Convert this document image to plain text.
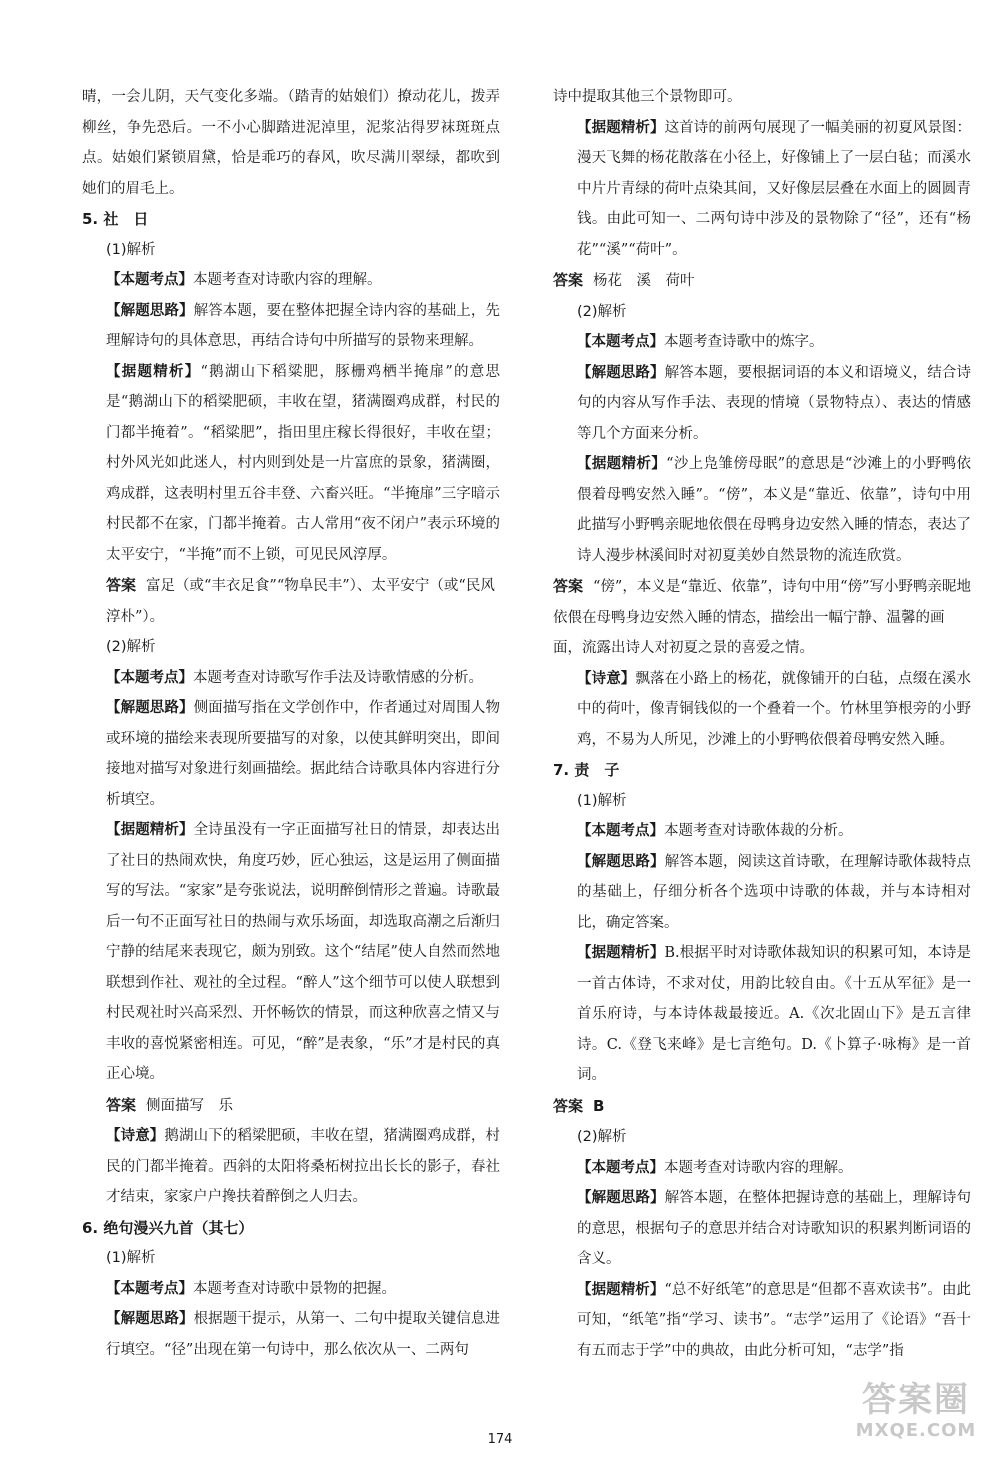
晴，一会儿阴，天气变化多端。（踏青的姑娘们）撩动花儿，拨弄柳丝，争先恐后。一不小心脚踏进泥淖里，泥浆沾得罗袜斑斑点点。姑娘们紧锁眉黛，恰是乖巧的春风，吹尽满川翠绿，都吹到她们的眉毛上。

5. 社　日

(1)解析

【本题考点】本题考查对诗歌内容的理解。

【解题思路】解答本题，要在整体把握全诗内容的基础上，先理解诗句的具体意思，再结合诗句中所描写的景物来理解。

【据题精析】“鹅湖山下稻粱肥，豚栅鸡栖半掩扉”的意思是“鹅湖山下的稻梁肥硕，丰收在望，猪满圈鸡成群，村民的门都半掩着”。“稻粱肥”，指田里庄稼长得很好，丰收在望；村外风光如此迷人，村内则到处是一片富庶的景象，猪满圈，鸡成群，这表明村里五谷丰登、六畜兴旺。“半掩扉”三字暗示村民都不在家，门都半掩着。古人常用“夜不闭户”表示环境的太平安宁，“半掩”而不上锁，可见民风淳厚。

答案 富足（或“丰衣足食”“物阜民丰”）、太平安宁（或“民风淳朴”）。

(2)解析

【本题考点】本题考查对诗歌写作手法及诗歌情感的分析。

【解题思路】侧面描写指在文学创作中，作者通过对周围人物或环境的描绘来表现所要描写的对象，以使其鲜明突出，即间接地对描写对象进行刻画描绘。据此结合诗歌具体内容进行分析填空。

【据题精析】全诗虽没有一字正面描写社日的情景，却表达出了社日的热闹欢快，角度巧妙，匠心独运，这是运用了侧面描写的写法。“家家”是夸张说法，说明醉倒情形之普遍。诗歌最后一句不正面写社日的热闹与欢乐场面，却选取高潮之后渐归宁静的结尾来表现它，颇为别致。这个“结尾”使人自然而然地联想到作社、观社的全过程。“醉人”这个细节可以使人联想到村民观社时兴高采烈、开怀畅饮的情景，而这种欣喜之情又与丰收的喜悦紧密相连。可见，“醉”是表象，“乐”才是村民的真正心境。

答案 侧面描写　乐

【诗意】鹅湖山下的稻梁肥硕，丰收在望，猪满圈鸡成群，村民的门都半掩着。西斜的太阳将桑柘树拉出长长的影子，春社才结束，家家户户搀扶着醉倒之人归去。

6. 绝句漫兴九首（其七）

(1)解析

【本题考点】本题考查对诗歌中景物的把握。

【解题思路】根据题干提示，从第一、二句中提取关键信息进行填空。“径”出现在第一句诗中，那么依次从一、二两句

诗中提取其他三个景物即可。

【据题精析】这首诗的前两句展现了一幅美丽的初夏风景图：漫天飞舞的杨花散落在小径上，好像铺上了一层白毡；而溪水中片片青绿的荷叶点染其间，又好像层层叠在水面上的圆圆青钱。由此可知一、二两句诗中涉及的景物除了“径”，还有“杨花”“溪”“荷叶”。

答案 杨花　溪　荷叶

(2)解析

【本题考点】本题考查诗歌中的炼字。

【解题思路】解答本题，要根据词语的本义和语境义，结合诗句的内容从写作手法、表现的情境（景物特点）、表达的情感等几个方面来分析。

【据题精析】“沙上凫雏傍母眠”的意思是“沙滩上的小野鸭依偎着母鸭安然入睡”。“傍”，本义是“靠近、依靠”，诗句中用此描写小野鸭亲昵地依偎在母鸭身边安然入睡的情态，表达了诗人漫步林溪间时对初夏美妙自然景物的流连欣赏。

答案 “傍”，本义是“靠近、依靠”，诗句中用“傍”写小野鸭亲昵地依偎在母鸭身边安然入睡的情态，描绘出一幅宁静、温馨的画面，流露出诗人对初夏之景的喜爱之情。

【诗意】飘落在小路上的杨花，就像铺开的白毡，点缀在溪水中的荷叶，像青铜钱似的一个叠着一个。竹林里笋根旁的小野鸡，不易为人所见，沙滩上的小野鸭依偎着母鸭安然入睡。

7. 责　子

(1)解析

【本题考点】本题考查对诗歌体裁的分析。

【解题思路】解答本题，阅读这首诗歌，在理解诗歌体裁特点的基础上，仔细分析各个选项中诗歌的体裁，并与本诗相对比，确定答案。

【据题精析】B.根据平时对诗歌体裁知识的积累可知，本诗是一首古体诗，不求对仗，用韵比较自由。《十五从军征》是一首乐府诗，与本诗体裁最接近。A.《次北固山下》是五言律诗。C.《登飞来峰》是七言绝句。D.《卜算子·咏梅》是一首词。

答案 B

(2)解析

【本题考点】本题考查对诗歌内容的理解。

【解题思路】解答本题，在整体把握诗意的基础上，理解诗句的意思，根据句子的意思并结合对诗歌知识的积累判断词语的含义。

【据题精析】“总不好纸笔”的意思是“但都不喜欢读书”。由此可知，“纸笔”指“学习、读书”。“志学”运用了《论语》“吾十有五而志于学”中的典故，由此分析可知，“志学”指

174
答案圈
MXQE.COM
